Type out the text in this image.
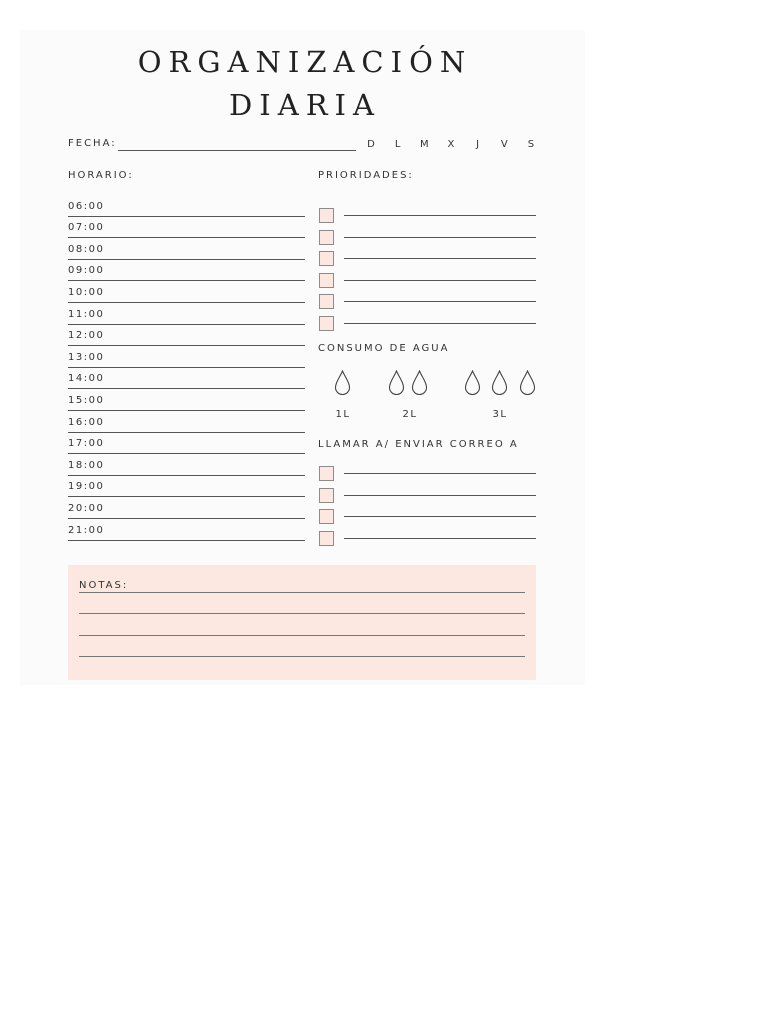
ORGANIZACIÓN
DIARIA
FECHA:	D	L	M	X	J	V	S
HORARIO:
06:00
07:00
08:00
09:00
10:00
11:00
12:00
13:00
14:00
15:00
16:00
17:00
18:00
19:00
20:00
21:00
PRIORIDADES:
CONSUMO DE AGUA
1L	2L	3L
LLAMAR A/ ENVIAR CORREO A
NOTAS:
